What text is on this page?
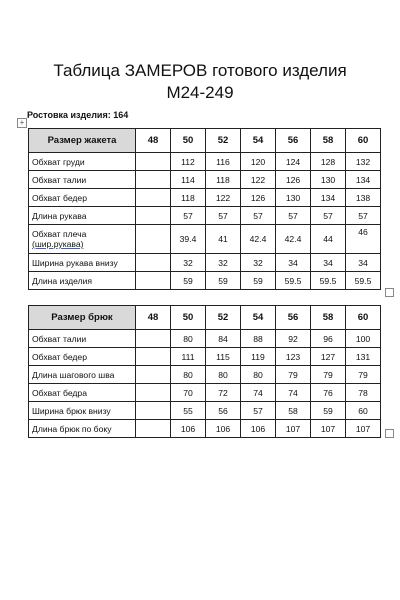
Таблица ЗАМЕРОВ готового изделия
М24-249
Ростовка изделия: 164
+
Размер жакета	48	50	52	54	56	58	60
Обхват груди		112	116	120	124	128	132
Обхват талии		114	118	122	126	130	134
Обхват бедер		118	122	126	130	134	138
Длина рукава		57	57	57	57	57	57

Обхват плеча
(шир.рукава)		39.4	41	42.4	42.4	44	46
Ширина рукава внизу		32	32	32	34	34	34
Длина изделия		59	59	59	59.5	59.5	59.5
Размер брюк	48	50	52	54	56	58	60
Обхват талии		80	84	88	92	96	100
Обхват бедер		111	115	119	123	127	131
Длина шагового шва		80	80	80	79	79	79
Обхват бедра		70	72	74	74	76	78
Ширина брюк внизу		55	56	57	58	59	60
Длина брюк по боку		106	106	106	107	107	107
